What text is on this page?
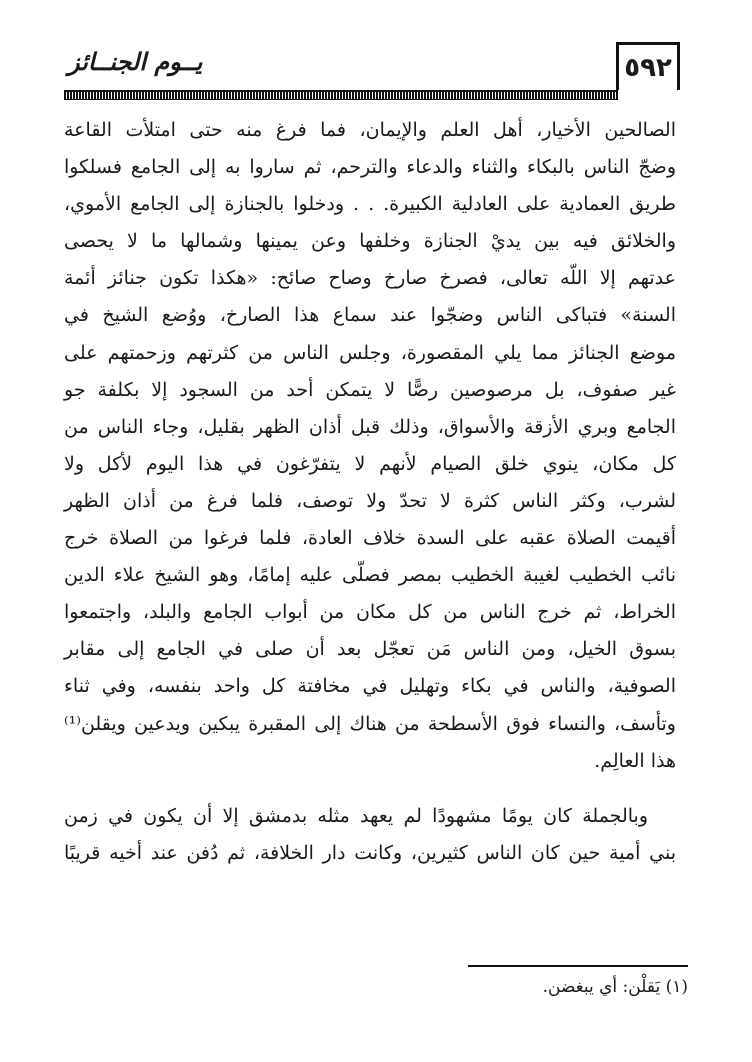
٥٩٢
يــوم الجنــائز

الصالحين الأخيار، أهل العلم والإيمان، فما فرغ منه حتى امتلأت القاعة

وضجّ الناس بالبكاء والثناء والدعاء والترحم، ثم ساروا به إلى الجامع فسلكوا

طريق العمادية على العادلية الكبيرة. . . ودخلوا بالجنازة إلى الجامع الأموي،

والخلائق فيه بين يديْ الجنازة وخلفها وعن يمينها وشمالها ما لا يحصى

عدتهم إلا اللّه تعالى، فصرخ صارخ وصاح صائح: «هكذا تكون جنائز أئمة

السنة» فتباكى الناس وضجّوا عند سماع هذا الصارخ، ووُضع الشيخ في

موضع الجنائز مما يلي المقصورة، وجلس الناس من كثرتهم وزحمتهم على

غير صفوف، بل مرصوصين رصًّا لا يتمكن أحد من السجود إلا بكلفة جو

الجامع وبري الأزقة والأسواق، وذلك قبل أذان الظهر بقليل، وجاء الناس من

كل مكان، ينوي خلق الصيام لأنهم لا يتفرّغون في هذا اليوم لأكل ولا

لشرب، وكثر الناس كثرة لا تحدّ ولا توصف، فلما فرغ من أذان الظهر

أقيمت الصلاة عقبه على السدة خلاف العادة، فلما فرغوا من الصلاة خرج

نائب الخطيب لغيبة الخطيب بمصر فصلّى عليه إمامًا، وهو الشيخ علاء الدين

الخراط، ثم خرج الناس من كل مكان من أبواب الجامع والبلد، واجتمعوا

بسوق الخيل، ومن الناس مَن تعجّل بعد أن صلى في الجامع إلى مقابر

الصوفية، والناس في بكاء وتهليل في مخافتة كل واحد بنفسه، وفي ثناء

وتأسف، والنساء فوق الأسطحة من هناك إلى المقبرة يبكين ويدعين ويقلن⁽¹⁾

هذا العالِم.

وبالجملة كان يومًا مشهودًا لم يعهد مثله بدمشق إلا أن يكون في زمن

بني أمية حين كان الناس كثيرين، وكانت دار الخلافة، ثم دُفن عند أخيه قريبًا

(١) يَقلْن: أي يبغضن.
